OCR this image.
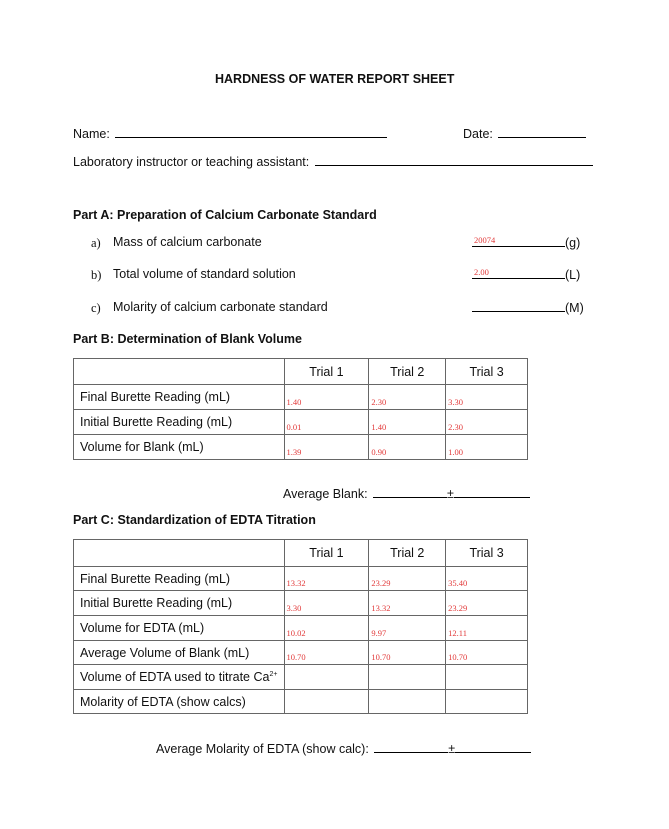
HARDNESS OF WATER REPORT SHEET
Name:	Date:
Laboratory instructor or teaching assistant:
Part A: Preparation of Calcium Carbonate Standard
a) Mass of calcium carbonate	20074	(g)
b) Total volume of standard solution	2.00	(L)
c) Molarity of calcium carbonate standard	(M)
Part B: Determination of Blank Volume
	Trial 1	Trial 2	Trial 3
Final Burette Reading (mL)	1.40	2.30	3.30

Initial Burette Reading (mL)	0.01	1.40	2.30

Volume for Blank (mL)	1.39	0.90	1.00
Average Blank:	±
Part C: Standardization of EDTA Titration
	Trial 1	Trial 2	Trial 3
Final Burette Reading (mL)	13.32	23.29	35.40

Initial Burette Reading (mL)	3.30	13.32	23.29

Volume for EDTA (mL)	10.02	9.97	12.11

Average Volume of Blank (mL)	10.70	10.70	10.70

Volume of EDTA used to titrate $Ca^{2+}$	

Molarity of EDTA (show calcs)	

Average Molarity of EDTA (show calc):	±
